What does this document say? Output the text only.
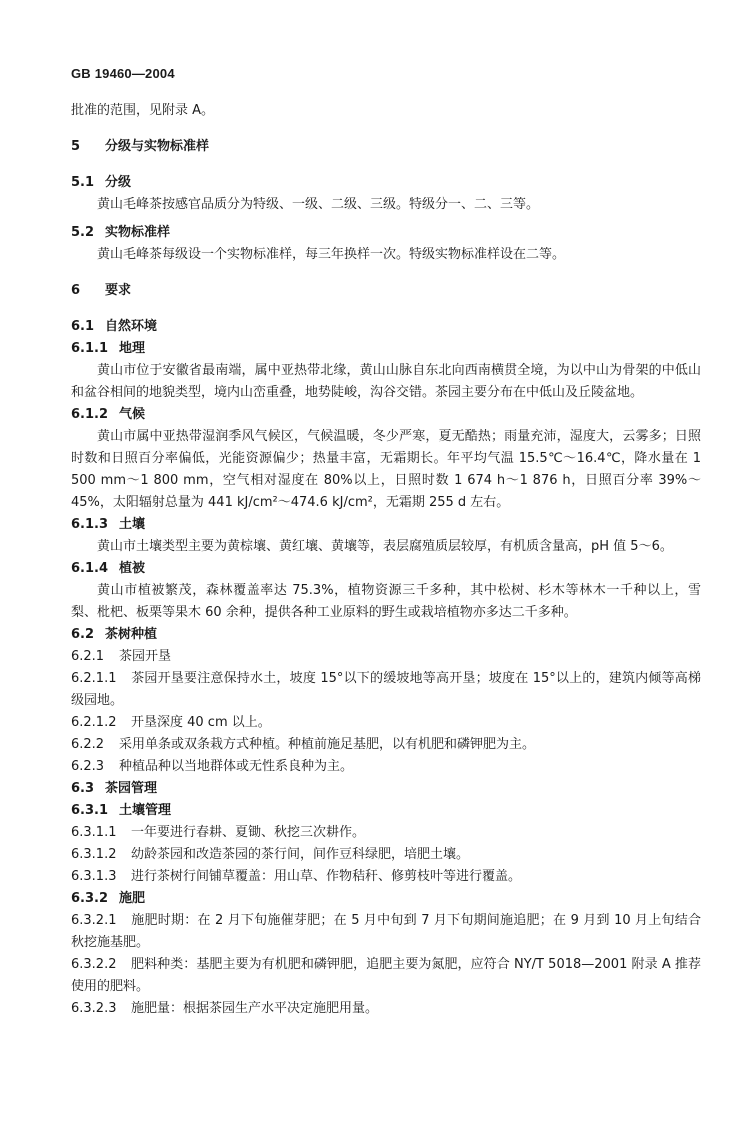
GB 19460—2004
批准的范围，见附录 A。
5 分级与实物标准样
5.1 分级
黄山毛峰茶按感官品质分为特级、一级、二级、三级。特级分一、二、三等。
5.2 实物标准样
黄山毛峰茶每级设一个实物标准样，每三年换样一次。特级实物标准样设在二等。
6 要求
6.1 自然环境
6.1.1 地理
黄山市位于安徽省最南端，属中亚热带北缘，黄山山脉自东北向西南横贯全境，为以中山为骨架的中低山和盆谷相间的地貌类型，境内山峦重叠，地势陡峻，沟谷交错。茶园主要分布在中低山及丘陵盆地。
6.1.2 气候
黄山市属中亚热带湿润季风气候区，气候温暖，冬少严寒，夏无酷热；雨量充沛，湿度大，云雾多；日照时数和日照百分率偏低，光能资源偏少；热量丰富，无霜期长。年平均气温 15.5℃～16.4℃，降水量在 1 500 mm～1 800 mm，空气相对湿度在 80%以上，日照时数 1 674 h～1 876 h，日照百分率 39%～45%，太阳辐射总量为 441 kJ/cm²～474.6 kJ/cm²，无霜期 255 d 左右。
6.1.3 土壤
黄山市土壤类型主要为黄棕壤、黄红壤、黄壤等，表层腐殖质层较厚，有机质含量高，pH 值 5～6。
6.1.4 植被
黄山市植被繁茂，森林覆盖率达 75.3%，植物资源三千多种，其中松树、杉木等林木一千种以上，雪梨、枇杷、板栗等果木 60 余种，提供各种工业原料的野生或栽培植物亦多达二千多种。
6.2 茶树种植
6.2.1 茶园开垦
6.2.1.1 茶园开垦要注意保持水土，坡度 15°以下的缓坡地等高开垦；坡度在 15°以上的，建筑内倾等高梯级园地。
6.2.1.2 开垦深度 40 cm 以上。
6.2.2 采用单条或双条栽方式种植。种植前施足基肥，以有机肥和磷钾肥为主。
6.2.3 种植品种以当地群体或无性系良种为主。
6.3 茶园管理
6.3.1 土壤管理
6.3.1.1 一年要进行春耕、夏锄、秋挖三次耕作。
6.3.1.2 幼龄茶园和改造茶园的茶行间，间作豆科绿肥，培肥土壤。
6.3.1.3 进行茶树行间铺草覆盖：用山草、作物秸秆、修剪枝叶等进行覆盖。
6.3.2 施肥
6.3.2.1 施肥时期：在 2 月下旬施催芽肥；在 5 月中旬到 7 月下旬期间施追肥；在 9 月到 10 月上旬结合秋挖施基肥。
6.3.2.2 肥料种类：基肥主要为有机肥和磷钾肥，追肥主要为氮肥，应符合 NY/T 5018—2001 附录 A 推荐使用的肥料。
6.3.2.3 施肥量：根据茶园生产水平决定施肥用量。
